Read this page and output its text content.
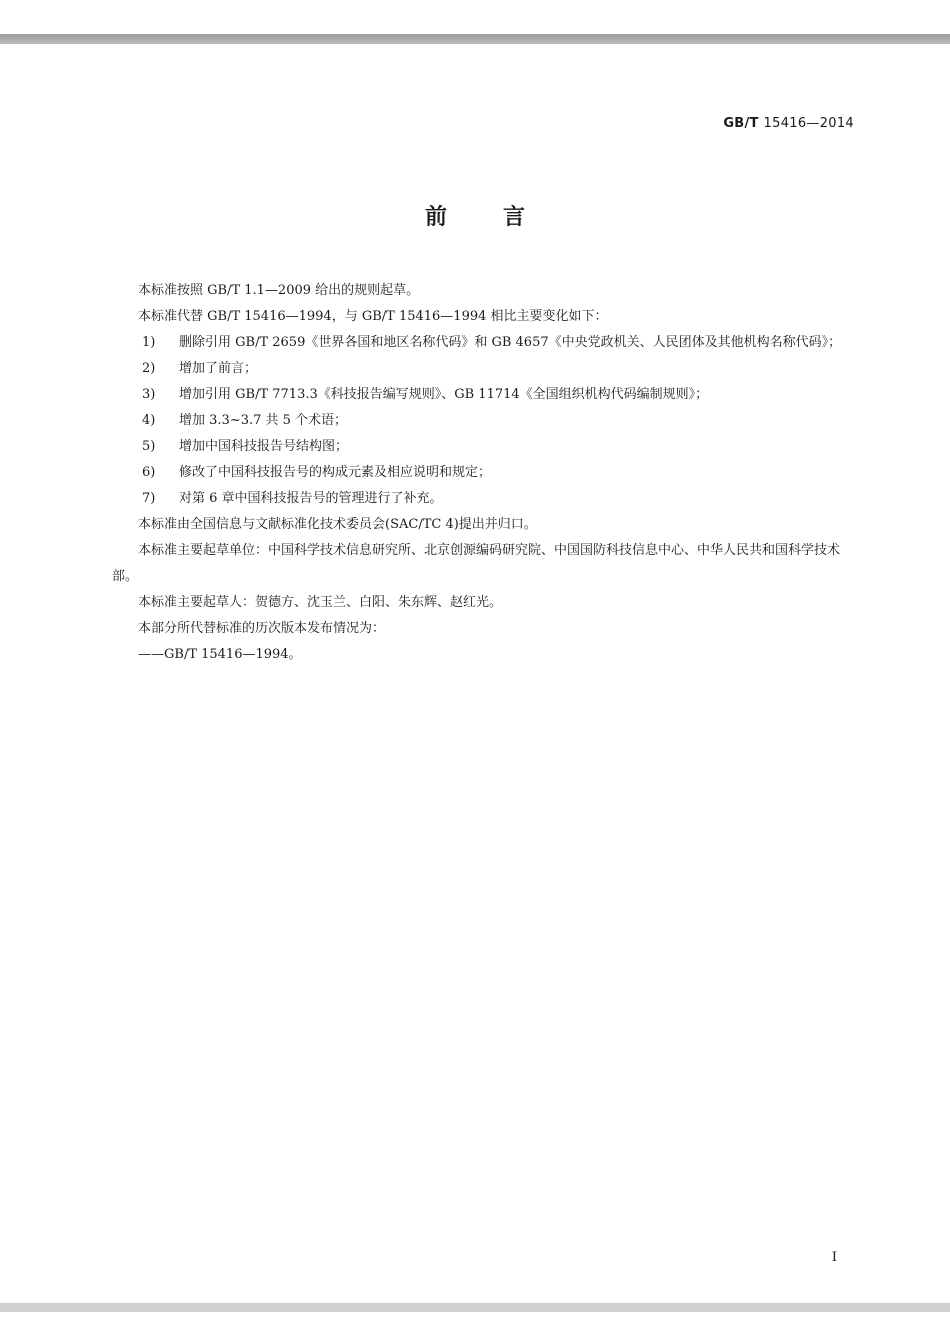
GB/T 15416—2014
前言

本标准按照 GB/T 1.1—2009 给出的规则起草。

本标准代替 GB/T 15416—1994，与 GB/T 15416—1994 相比主要变化如下：

1)	删除引用 GB/T 2659《世界各国和地区名称代码》和 GB 4657《中央党政机关、人民团体及其他机构名称代码》；
2)	增加了前言；
3)	增加引用 GB/T 7713.3《科技报告编写规则》、GB 11714《全国组织机构代码编制规则》；
4)	增加 3.3~3.7 共 5 个术语；
5)	增加中国科技报告号结构图；
6)	修改了中国科技报告号的构成元素及相应说明和规定；
7)	对第 6 章中国科技报告号的管理进行了补充。

本标准由全国信息与文献标准化技术委员会(SAC/TC 4)提出并归口。

本标准主要起草单位：中国科学技术信息研究所、北京创源编码研究院、中国国防科技信息中心、中华人民共和国科学技术部。

本标准主要起草人：贺德方、沈玉兰、白阳、朱东辉、赵红光。

本部分所代替标准的历次版本发布情况为：

——GB/T 15416—1994。

I
